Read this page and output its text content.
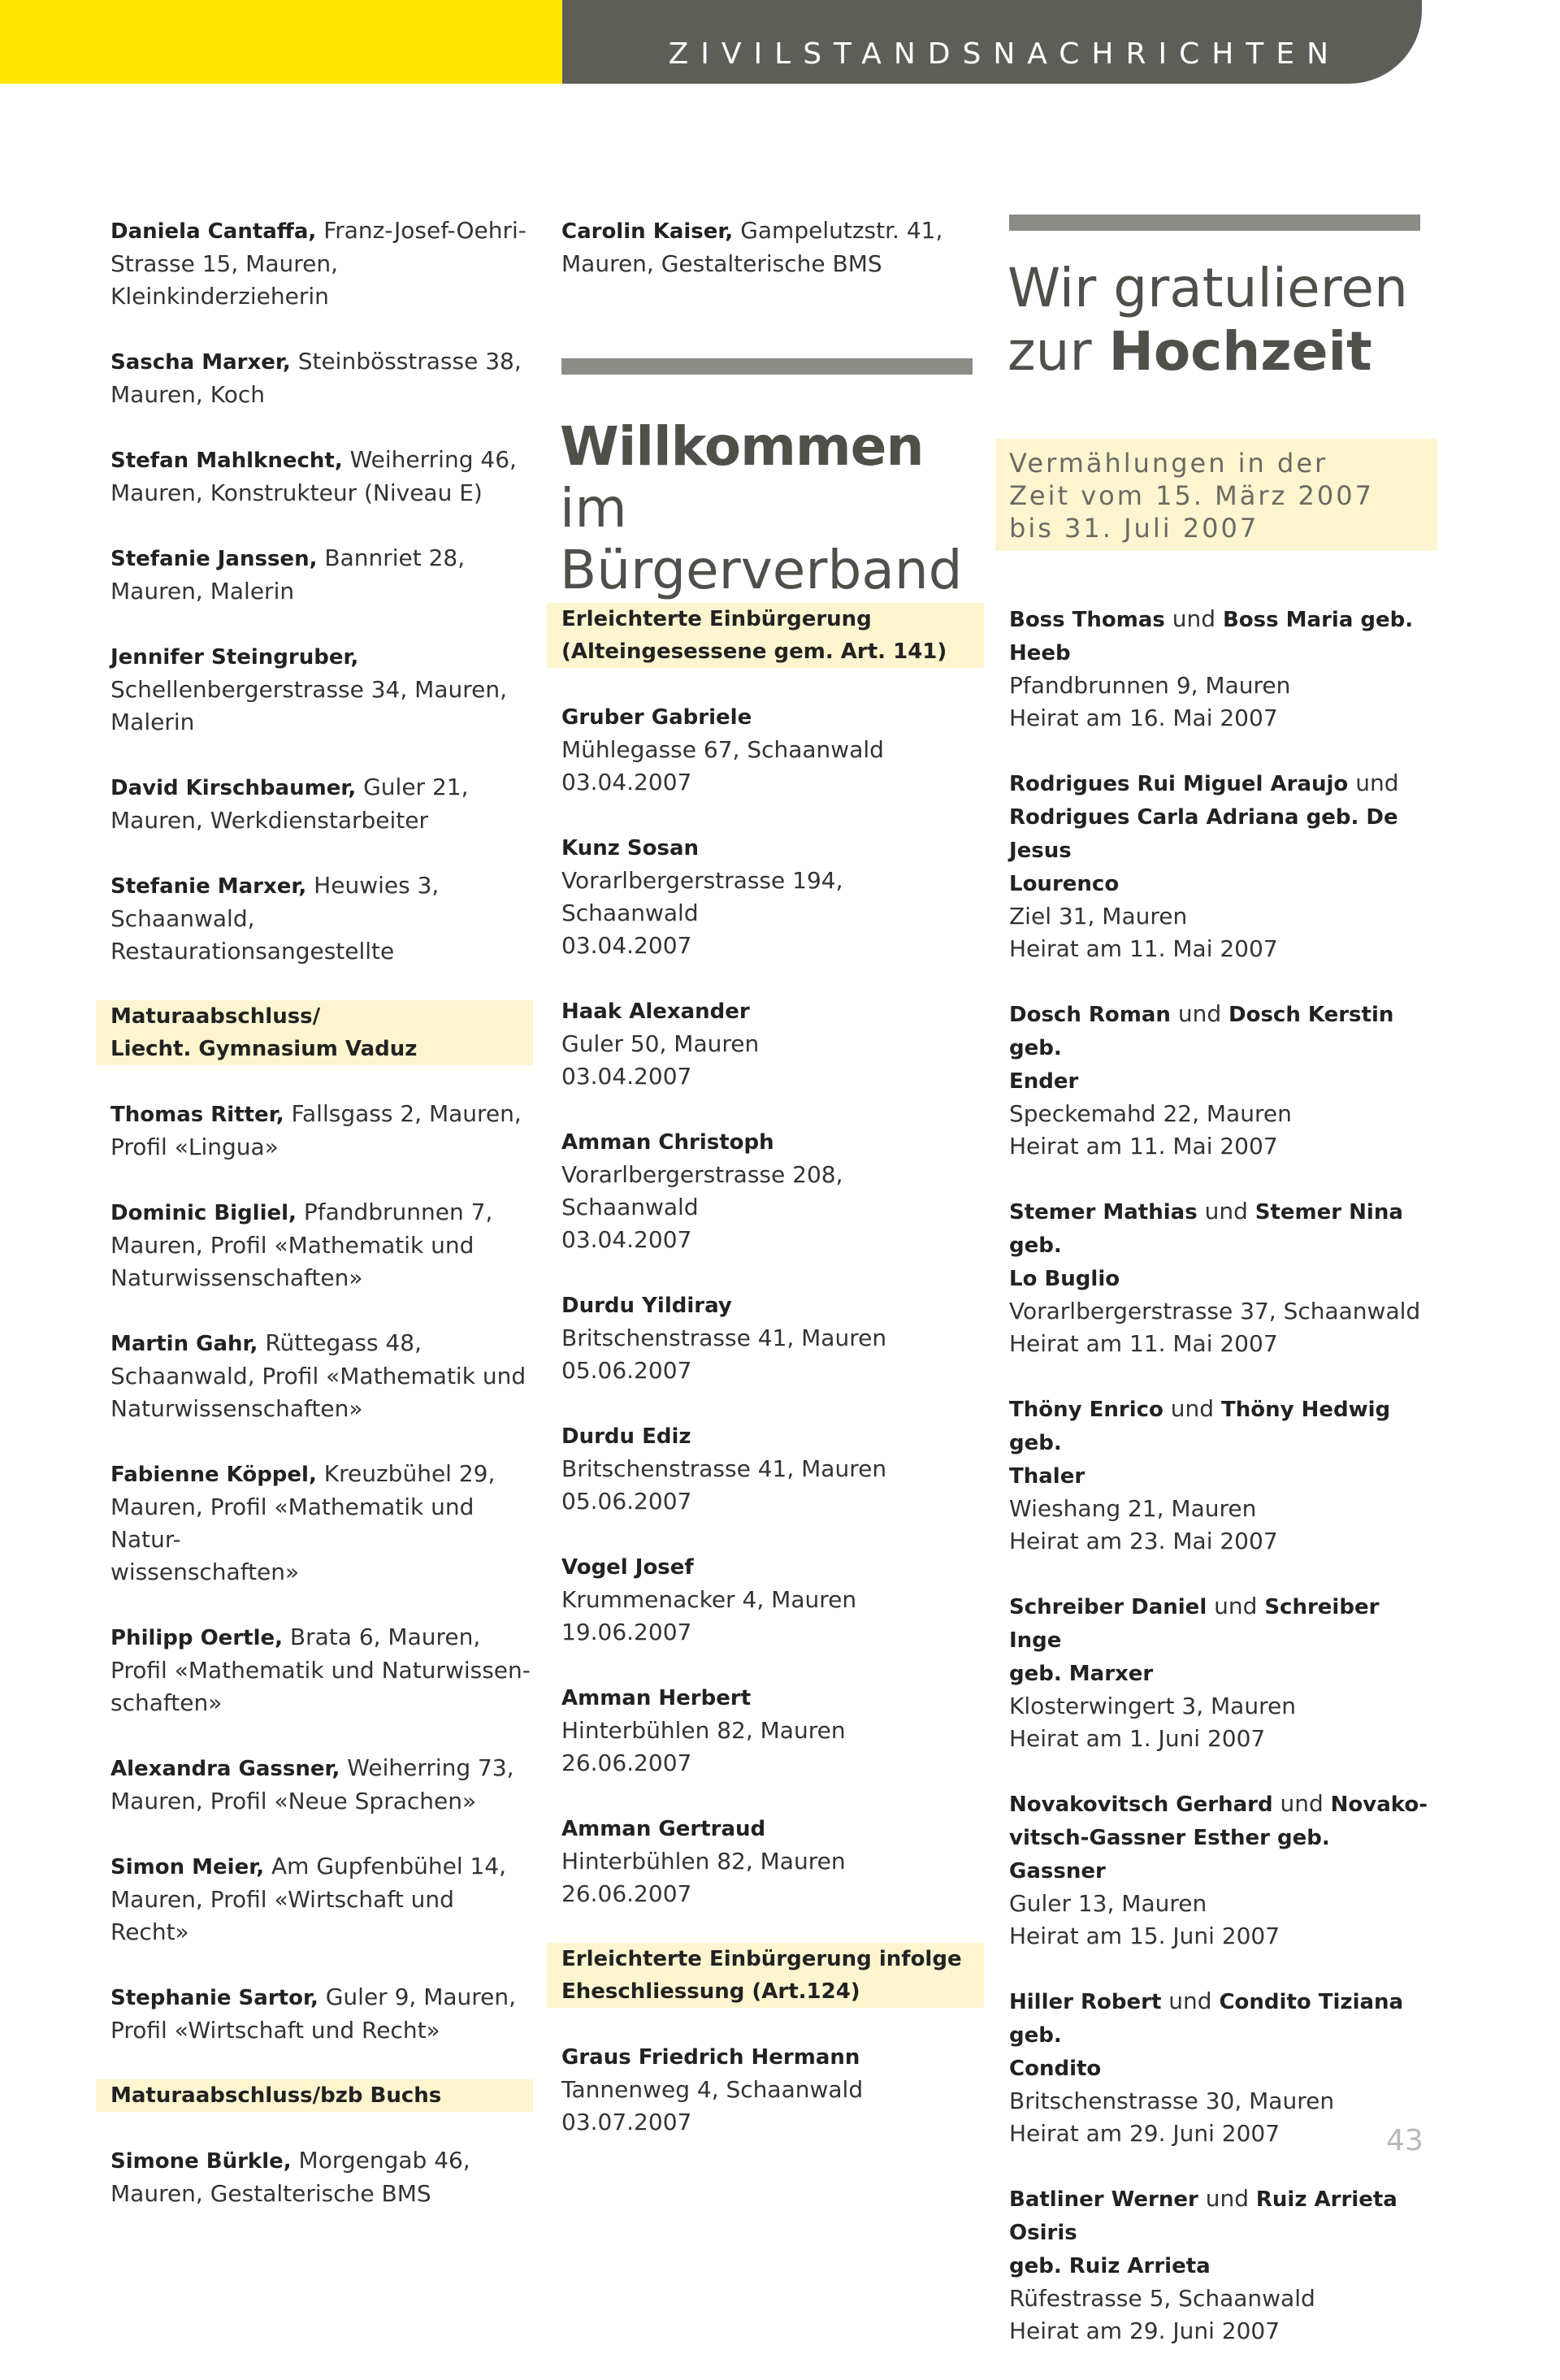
ZIVILSTANDSNACHRICHTEN
Daniela Cantaffa, Franz-Josef-Oehri-
Strasse 15, Mauren, Kleinkinderzieherin
Sascha Marxer, Steinbösstrasse 38,
Mauren, Koch
Stefan Mahlknecht, Weiherring 46,
Mauren, Konstrukteur (Niveau E)
Stefanie Janssen, Bannriet 28,
Mauren, Malerin
Jennifer Steingruber,
Schellenbergerstrasse 34, Mauren,
Malerin
David Kirschbaumer, Guler 21,
Mauren, Werkdienstarbeiter
Stefanie Marxer, Heuwies 3,
Schaanwald, Restaurationsangestellte
Maturaabschluss/
Liecht. Gymnasium Vaduz
Thomas Ritter, Fallsgass 2, Mauren,
Profil «Lingua»
Dominic Bigliel, Pfandbrunnen 7,
Mauren, Profil «Mathematik und
Naturwissenschaften»
Martin Gahr, Rüttegass 48,
Schaanwald, Profil «Mathematik und
Naturwissenschaften»
Fabienne Köppel, Kreuzbühel 29,
Mauren, Profil «Mathematik und Natur-
wissenschaften»
Philipp Oertle, Brata 6, Mauren,
Profil «Mathematik und Naturwissen-
schaften»
Alexandra Gassner, Weiherring 73,
Mauren, Profil «Neue Sprachen»
Simon Meier, Am Gupfenbühel 14,
Mauren, Profil «Wirtschaft und Recht»
Stephanie Sartor, Guler 9, Mauren,
Profil «Wirtschaft und Recht»
Maturaabschluss/bzb Buchs
Simone Bürkle, Morgengab 46,
Mauren, Gestalterische BMS
Carolin Kaiser, Gampelutzstr. 41,
Mauren, Gestalterische BMS
Willkommen im
Bürgerverband
Erleichterte Einbürgerung
(Alteingesessene gem. Art. 141)
Gruber Gabriele
Mühlegasse 67, Schaanwald
03.04.2007
Kunz Sosan
Vorarlbergerstrasse 194, Schaanwald
03.04.2007
Haak Alexander
Guler 50, Mauren
03.04.2007
Amman Christoph
Vorarlbergerstrasse 208, Schaanwald
03.04.2007
Durdu Yildiray
Britschenstrasse 41, Mauren
05.06.2007
Durdu Ediz
Britschenstrasse 41, Mauren
05.06.2007
Vogel Josef
Krummenacker 4, Mauren
19.06.2007
Amman Herbert
Hinterbühlen 82, Mauren
26.06.2007
Amman Gertraud
Hinterbühlen 82, Mauren
26.06.2007
Erleichterte Einbürgerung infolge
Eheschliessung (Art.124)
Graus Friedrich Hermann
Tannenweg 4, Schaanwald
03.07.2007
Wir gratulieren
zur Hochzeit
Vermählungen in der
Zeit vom 15. März 2007
bis 31. Juli 2007
Boss Thomas und Boss Maria geb.
Heeb
Pfandbrunnen 9, Mauren
Heirat am 16. Mai 2007
Rodrigues Rui Miguel Araujo und
Rodrigues Carla Adriana geb. De Jesus
Lourenco
Ziel 31, Mauren
Heirat am 11. Mai 2007
Dosch Roman und Dosch Kerstin geb.
Ender
Speckemahd 22, Mauren
Heirat am 11. Mai 2007
Stemer Mathias und Stemer Nina geb.
Lo Buglio
Vorarlbergerstrasse 37, Schaanwald
Heirat am 11. Mai 2007
Thöny Enrico und Thöny Hedwig geb.
Thaler
Wieshang 21, Mauren
Heirat am 23. Mai 2007
Schreiber Daniel und Schreiber Inge
geb. Marxer
Klosterwingert 3, Mauren
Heirat am 1. Juni 2007
Novakovitsch Gerhard und Novako-
vitsch-Gassner Esther geb. Gassner
Guler 13, Mauren
Heirat am 15. Juni 2007
Hiller Robert und Condito Tiziana geb.
Condito
Britschenstrasse 30, Mauren
Heirat am 29. Juni 2007
Batliner Werner und Ruiz Arrieta Osiris
geb. Ruiz Arrieta
Rüfestrasse 5, Schaanwald
Heirat am 29. Juni 2007
43
